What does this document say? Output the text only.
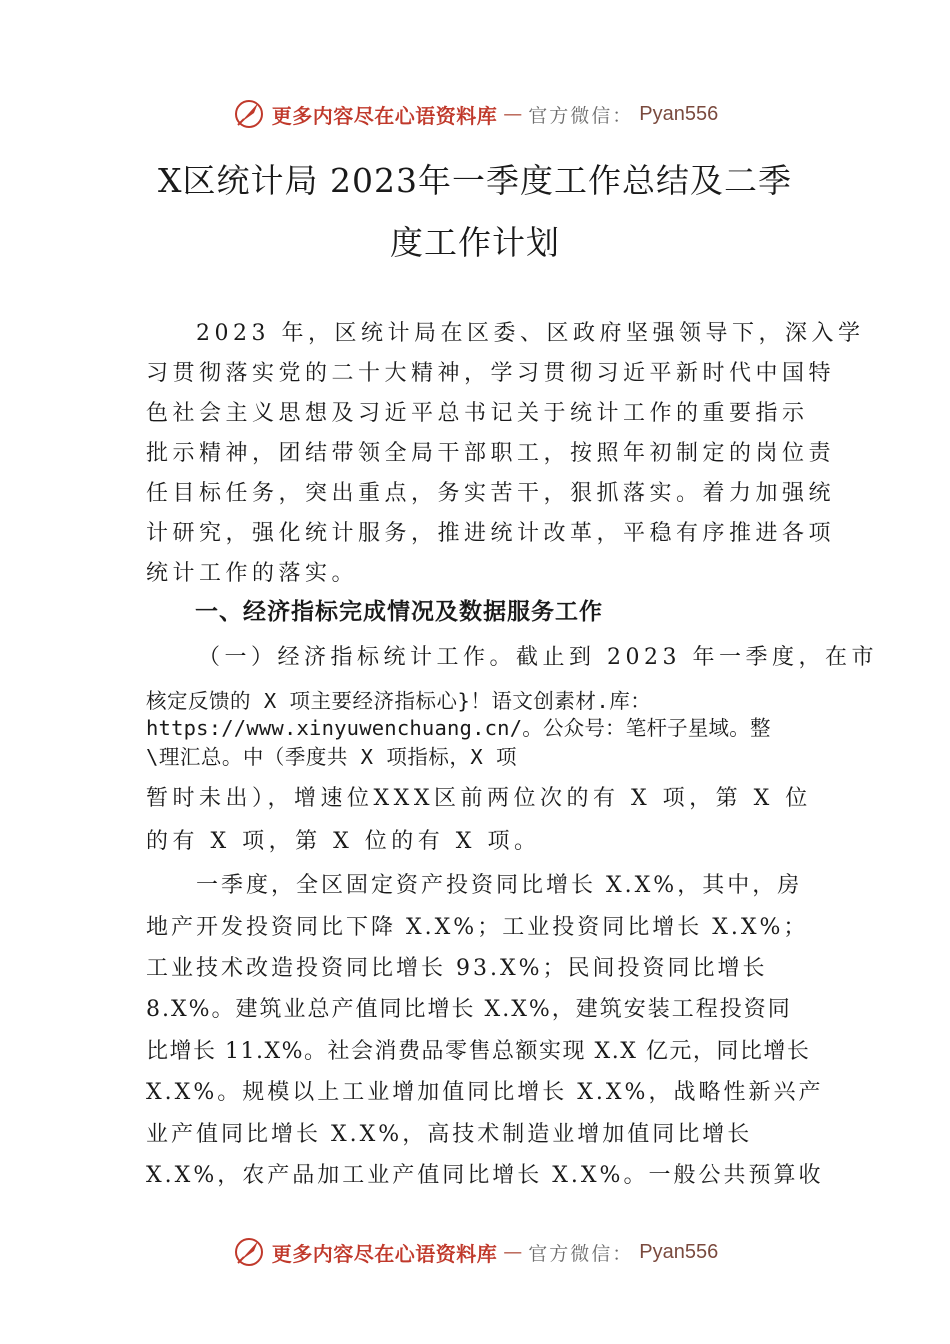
更多内容尽在心语资料库 — 官方微信： Pyan556
X区统计局 2023年一季度工作总结及二季
度工作计划
2023 年，区统计局在区委、区政府坚强领导下，深入学
习贯彻落实党的二十大精神，学习贯彻习近平新时代中国特
色社会主义思想及习近平总书记关于统计工作的重要指示
批示精神，团结带领全局干部职工，按照年初制定的岗位责
任目标任务，突出重点，务实苦干，狠抓落实。着力加强统
计研究，强化统计服务，推进统计改革，平稳有序推进各项
统计工作的落实。
一、经济指标完成情况及数据服务工作
（一）经济指标统计工作。截止到 2023 年一季度，在市
核定反馈的 X 项主要经济指标心}！语文创素材.库：
https://www.xinyuwenchuang.cn/。公众号：笔杆子星域。整
\理汇总。中（季度共 X 项指标，X 项
暂时未出），增速位XXX区前两位次的有 X 项，第 X 位
的有 X 项，第 X 位的有 X 项。
一季度，全区固定资产投资同比增长 X.X%，其中，房
地产开发投资同比下降 X.X%；工业投资同比增长 X.X%；
工业技术改造投资同比增长 93.X%；民间投资同比增长
8.X%。建筑业总产值同比增长 X.X%，建筑安装工程投资同
比增长 11.X%。社会消费品零售总额实现 X.X 亿元，同比增长
X.X%。规模以上工业增加值同比增长 X.X%，战略性新兴产
业产值同比增长 X.X%，高技术制造业增加值同比增长
X.X%，农产品加工业产值同比增长 X.X%。一般公共预算收
更多内容尽在心语资料库 — 官方微信： Pyan556
